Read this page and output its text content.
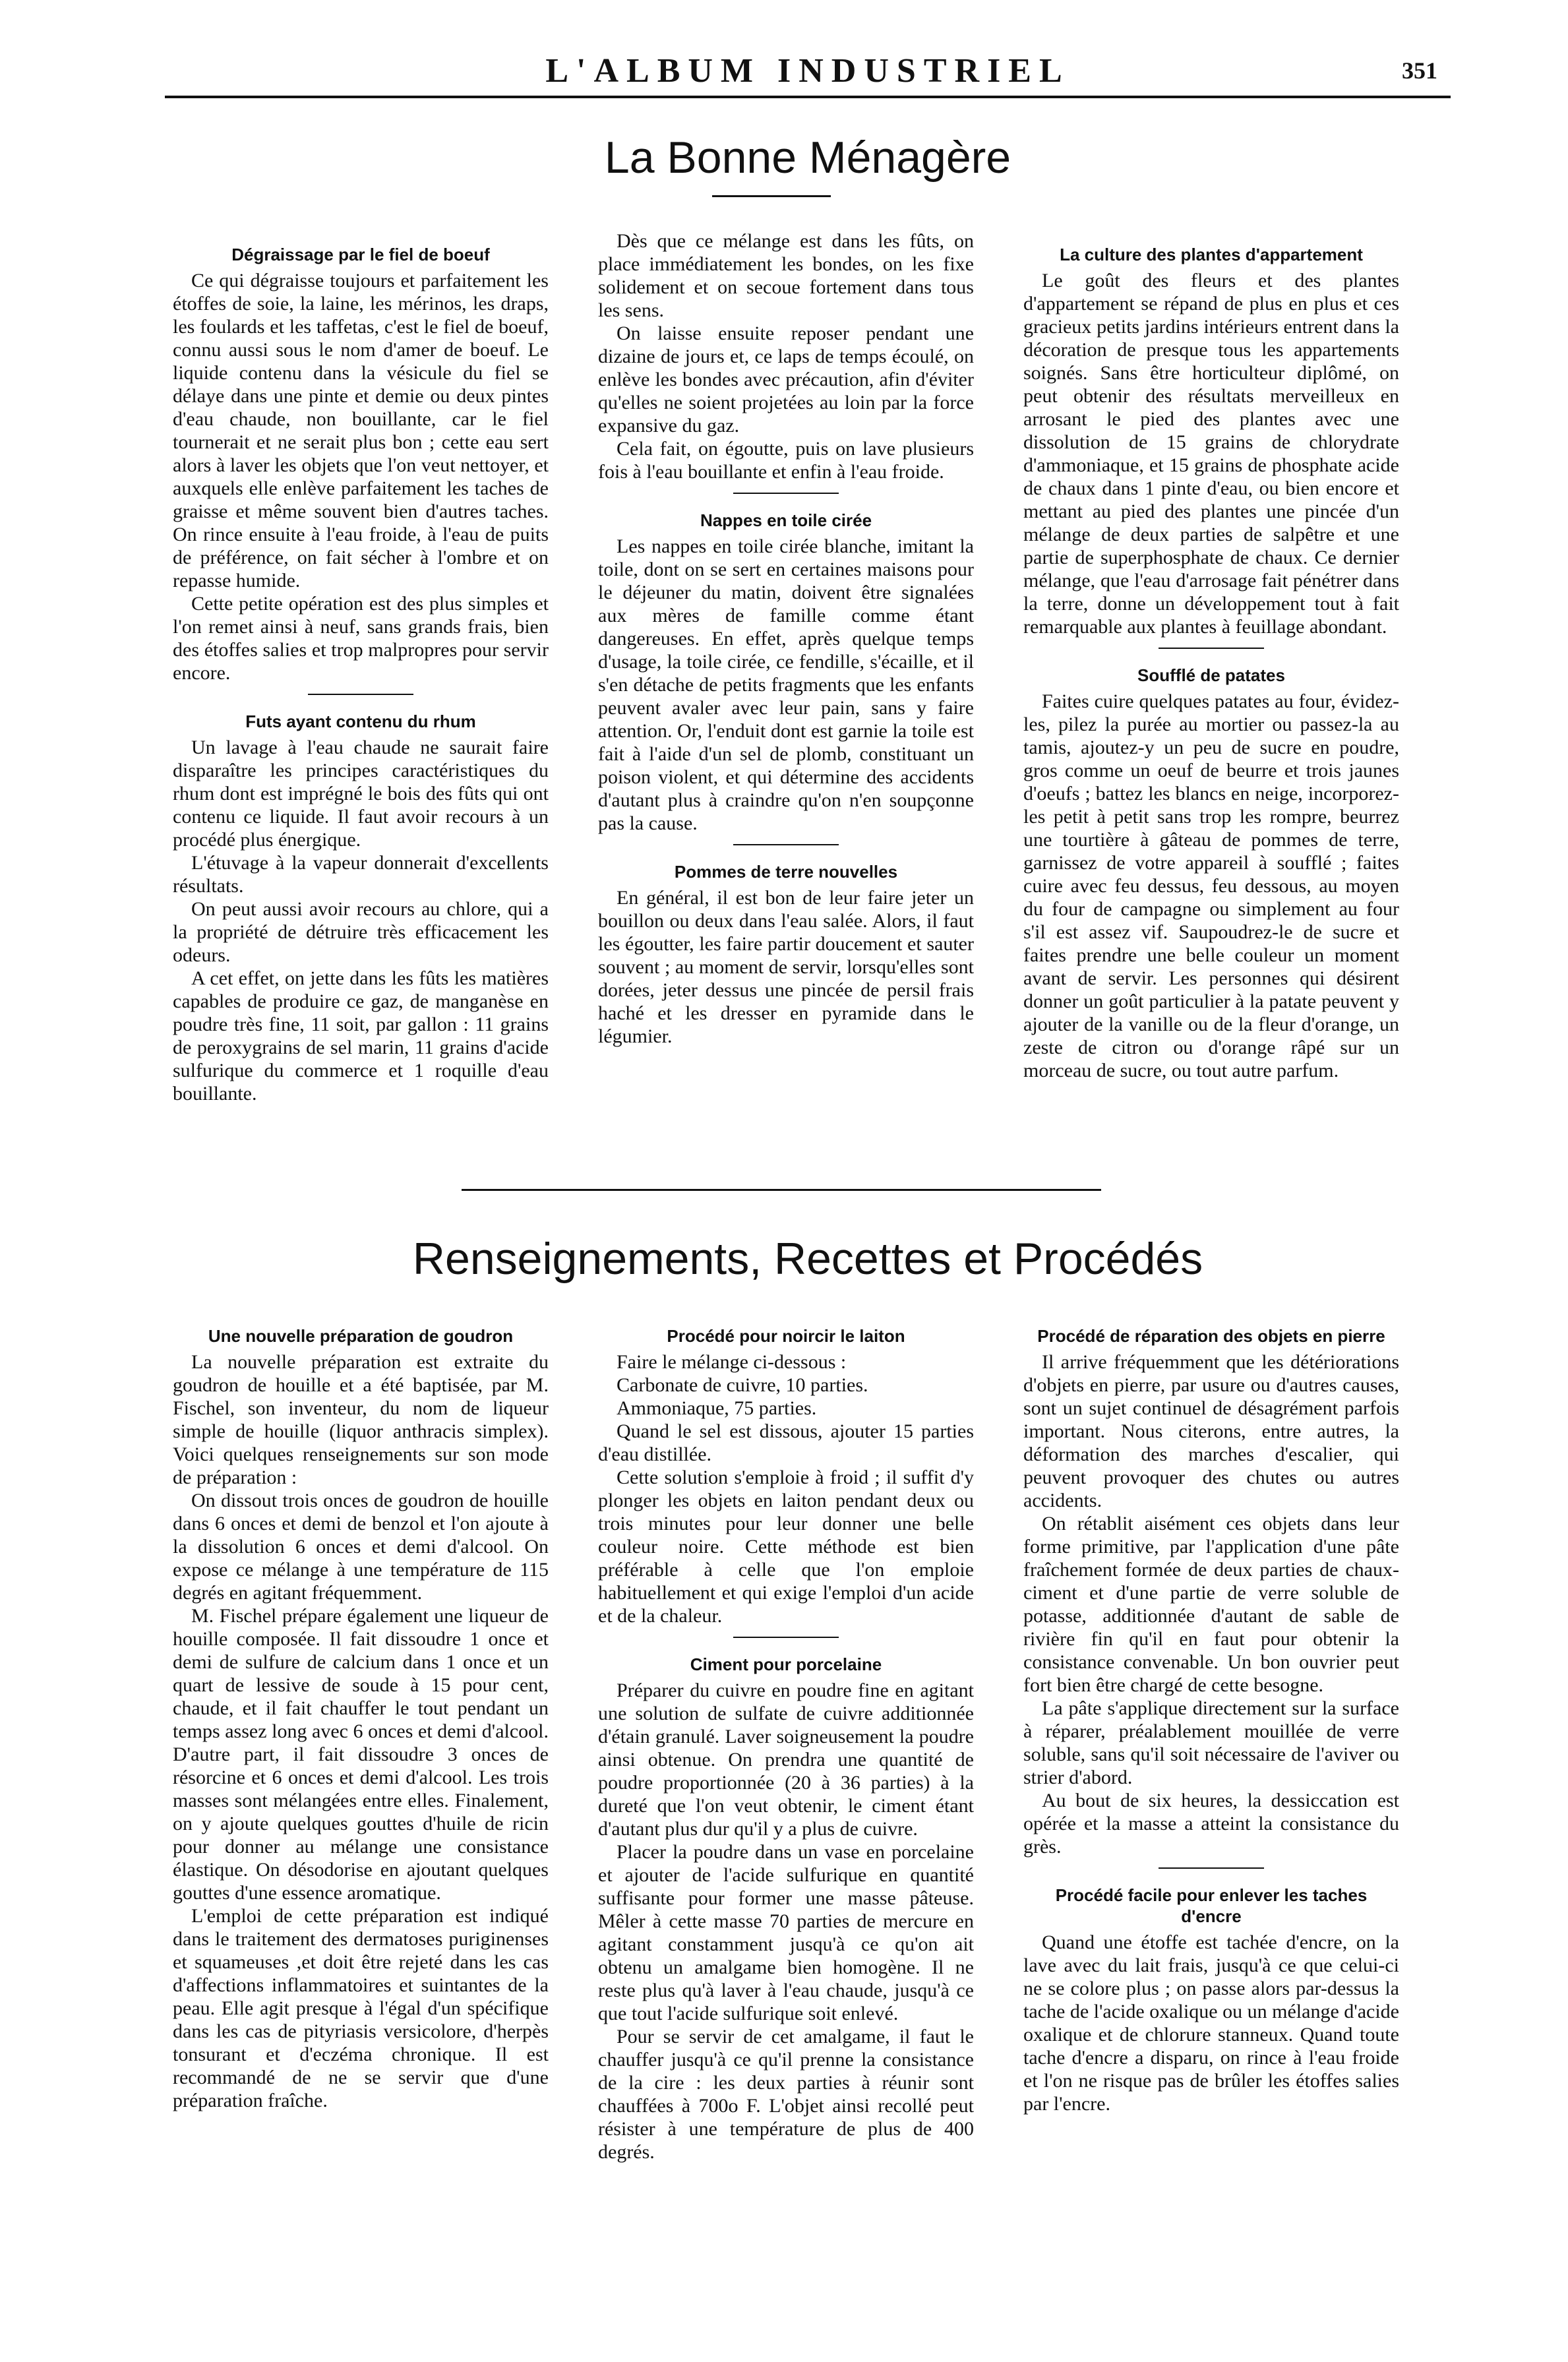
L'ALBUM INDUSTRIEL	351
La Bonne Ménagère
Dégraissage par le fiel de boeuf

Ce qui dégraisse toujours et parfaitement les étoffes de soie, la laine, les mérinos, les draps, les foulards et les taffetas, c'est le fiel de boeuf, connu aussi sous le nom d'amer de boeuf. Le liquide contenu dans la vésicule du fiel se délaye dans une pinte et demie ou deux pintes d'eau chaude, non bouillante, car le fiel tournerait et ne serait plus bon ; cette eau sert alors à laver les objets que l'on veut nettoyer, et auxquels elle enlève parfaitement les taches de graisse et même souvent bien d'autres taches. On rince ensuite à l'eau froide, à l'eau de puits de préférence, on fait sécher à l'ombre et on repasse humide.

Cette petite opération est des plus simples et l'on remet ainsi à neuf, sans grands frais, bien des étoffes salies et trop malpropres pour servir encore.

Futs ayant contenu du rhum

Un lavage à l'eau chaude ne saurait faire disparaître les principes caractéristiques du rhum dont est imprégné le bois des fûts qui ont contenu ce liquide. Il faut avoir recours à un procédé plus énergique.

L'étuvage à la vapeur donnerait d'excellents résultats.

On peut aussi avoir recours au chlore, qui a la propriété de détruire très efficacement les odeurs.

A cet effet, on jette dans les fûts les matières capables de produire ce gaz, de manganèse en poudre très fine, 11 soit, par gallon : 11 grains de peroxygrains de sel marin, 11 grains d'acide sulfurique du commerce et 1 roquille d'eau bouillante.

Dès que ce mélange est dans les fûts, on place immédiatement les bondes, on les fixe solidement et on secoue fortement dans tous les sens.

On laisse ensuite reposer pendant une dizaine de jours et, ce laps de temps écoulé, on enlève les bondes avec précaution, afin d'éviter qu'elles ne soient projetées au loin par la force expansive du gaz.

Cela fait, on égoutte, puis on lave plusieurs fois à l'eau bouillante et enfin à l'eau froide.

Nappes en toile cirée

Les nappes en toile cirée blanche, imitant la toile, dont on se sert en certaines maisons pour le déjeuner du matin, doivent être signalées aux mères de famille comme étant dangereuses. En effet, après quelque temps d'usage, la toile cirée, ce fendille, s'écaille, et il s'en détache de petits fragments que les enfants peuvent avaler avec leur pain, sans y faire attention. Or, l'enduit dont est garnie la toile est fait à l'aide d'un sel de plomb, constituant un poison violent, et qui détermine des accidents d'autant plus à craindre qu'on n'en soupçonne pas la cause.

Pommes de terre nouvelles

En général, il est bon de leur faire jeter un bouillon ou deux dans l'eau salée. Alors, il faut les égoutter, les faire partir doucement et sauter souvent ; au moment de servir, lorsqu'elles sont dorées, jeter dessus une pincée de persil frais haché et les dresser en pyramide dans le légumier.

La culture des plantes d'appartement

Le goût des fleurs et des plantes d'appartement se répand de plus en plus et ces gracieux petits jardins intérieurs entrent dans la décoration de presque tous les appartements soignés. Sans être horticulteur diplômé, on peut obtenir des résultats merveilleux en arrosant le pied des plantes avec une dissolution de 15 grains de chlorydrate d'ammoniaque, et 15 grains de phosphate acide de chaux dans 1 pinte d'eau, ou bien encore et mettant au pied des plantes une pincée d'un mélange de deux parties de salpêtre et une partie de superphosphate de chaux. Ce dernier mélange, que l'eau d'arrosage fait pénétrer dans la terre, donne un développement tout à fait remarquable aux plantes à feuillage abondant.

Soufflé de patates

Faites cuire quelques patates au four, évidez-les, pilez la purée au mortier ou passez-la au tamis, ajoutez-y un peu de sucre en poudre, gros comme un oeuf de beurre et trois jaunes d'oeufs ; battez les blancs en neige, incorporez-les petit à petit sans trop les rompre, beurrez une tourtière à gâteau de pommes de terre, garnissez de votre appareil à soufflé ; faites cuire avec feu dessus, feu dessous, au moyen du four de campagne ou simplement au four s'il est assez vif. Saupoudrez-le de sucre et faites prendre une belle couleur un moment avant de servir. Les personnes qui désirent donner un goût particulier à la patate peuvent y ajouter de la vanille ou de la fleur d'orange, un zeste de citron ou d'orange râpé sur un morceau de sucre, ou tout autre parfum.

Renseignements, Recettes et Procédés
Une nouvelle préparation de goudron

La nouvelle préparation est extraite du goudron de houille et a été baptisée, par M. Fischel, son inventeur, du nom de liqueur simple de houille (liquor anthracis simplex). Voici quelques renseignements sur son mode de préparation :

On dissout trois onces de goudron de houille dans 6 onces et demi de benzol et l'on ajoute à la dissolution 6 onces et demi d'alcool. On expose ce mélange à une température de 115 degrés en agitant fréquemment.

M. Fischel prépare également une liqueur de houille composée. Il fait dissoudre 1 once et demi de sulfure de calcium dans 1 once et un quart de lessive de soude à 15 pour cent, chaude, et il fait chauffer le tout pendant un temps assez long avec 6 onces et demi d'alcool. D'autre part, il fait dissoudre 3 onces de résorcine et 6 onces et demi d'alcool. Les trois masses sont mélangées entre elles. Finalement, on y ajoute quelques gouttes d'huile de ricin pour donner au mélange une consistance élastique. On désodorise en ajoutant quelques gouttes d'une essence aromatique.

L'emploi de cette préparation est indiqué dans le traitement des dermatoses puriginenses et squameuses ,et doit être rejeté dans les cas d'affections inflammatoires et suintantes de la peau. Elle agit presque à l'égal d'un spécifique dans les cas de pityriasis versicolore, d'herpès tonsurant et d'eczéma chronique. Il est recommandé de ne se servir que d'une préparation fraîche.

Procédé pour noircir le laiton

Faire le mélange ci-dessous :

Carbonate de cuivre, 10 parties.

Ammoniaque, 75 parties.

Quand le sel est dissous, ajouter 15 parties d'eau distillée.

Cette solution s'emploie à froid ; il suffit d'y plonger les objets en laiton pendant deux ou trois minutes pour leur donner une belle couleur noire. Cette méthode est bien préférable à celle que l'on emploie habituellement et qui exige l'emploi d'un acide et de la chaleur.

Ciment pour porcelaine

Préparer du cuivre en poudre fine en agitant une solution de sulfate de cuivre additionnée d'étain granulé. Laver soigneusement la poudre ainsi obtenue. On prendra une quantité de poudre proportionnée (20 à 36 parties) à la dureté que l'on veut obtenir, le ciment étant d'autant plus dur qu'il y a plus de cuivre.

Placer la poudre dans un vase en porcelaine et ajouter de l'acide sulfurique en quantité suffisante pour former une masse pâteuse. Mêler à cette masse 70 parties de mercure en agitant constamment jusqu'à ce qu'on ait obtenu un amalgame bien homogène. Il ne reste plus qu'à laver à l'eau chaude, jusqu'à ce que tout l'acide sulfurique soit enlevé.

Pour se servir de cet amalgame, il faut le chauffer jusqu'à ce qu'il prenne la consistance de la cire : les deux parties à réunir sont chauffées à 700o F. L'objet ainsi recollé peut résister à une température de plus de 400 degrés.

Procédé de réparation des objets en pierre

Il arrive fréquemment que les détériorations d'objets en pierre, par usure ou d'autres causes, sont un sujet continuel de désagrément parfois important. Nous citerons, entre autres, la déformation des marches d'escalier, qui peuvent provoquer des chutes ou autres accidents.

On rétablit aisément ces objets dans leur forme primitive, par l'application d'une pâte fraîchement formée de deux parties de chaux-ciment et d'une partie de verre soluble de potasse, additionnée d'autant de sable de rivière fin qu'il en faut pour obtenir la consistance convenable. Un bon ouvrier peut fort bien être chargé de cette besogne.

La pâte s'applique directement sur la surface à réparer, préalablement mouillée de verre soluble, sans qu'il soit nécessaire de l'aviver ou strier d'abord.

Au bout de six heures, la dessiccation est opérée et la masse a atteint la consistance du grès.

Procédé facile pour enlever les taches d'encre

Quand une étoffe est tachée d'encre, on la lave avec du lait frais, jusqu'à ce que celui-ci ne se colore plus ; on passe alors par-dessus la tache de l'acide oxalique ou un mélange d'acide oxalique et de chlorure stanneux. Quand toute tache d'encre a disparu, on rince à l'eau froide et l'on ne risque pas de brûler les étoffes salies par l'encre.
